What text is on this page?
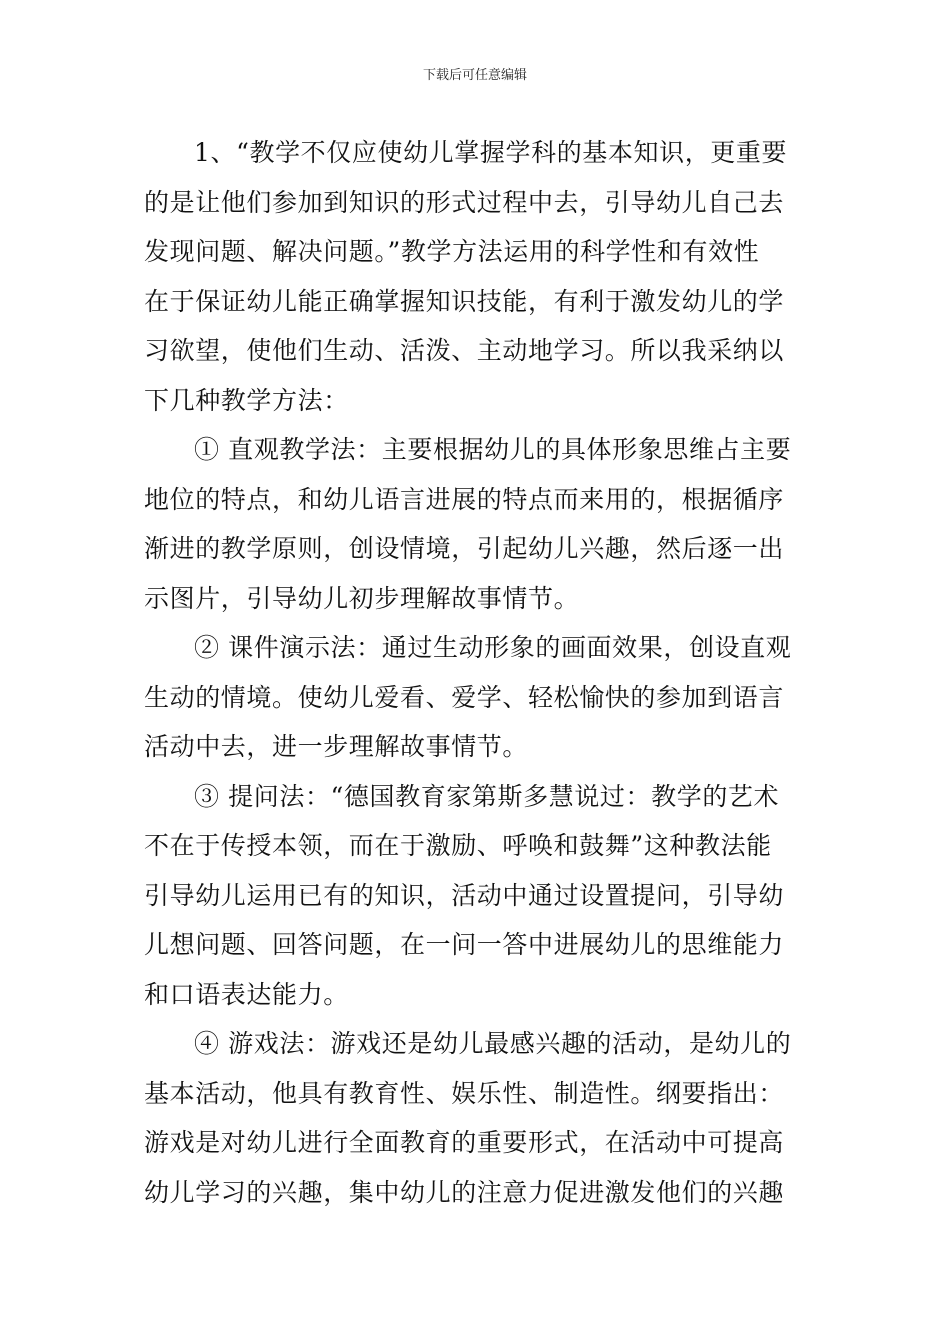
下载后可任意编辑
1、“教学不仅应使幼儿掌握学科的基本知识，更重要
的是让他们参加到知识的形式过程中去，引导幼儿自己去
发现问题、解决问题。”教学方法运用的科学性和有效性
在于保证幼儿能正确掌握知识技能，有利于激发幼儿的学
习欲望，使他们生动、活泼、主动地学习。所以我采纳以
下几种教学方法：
① 直观教学法：主要根据幼儿的具体形象思维占主要
地位的特点，和幼儿语言进展的特点而来用的，根据循序
渐进的教学原则，创设情境，引起幼儿兴趣，然后逐一出
示图片，引导幼儿初步理解故事情节。
② 课件演示法：通过生动形象的画面效果，创设直观
生动的情境。使幼儿爱看、爱学、轻松愉快的参加到语言
活动中去，进一步理解故事情节。
③ 提问法：“德国教育家第斯多慧说过：教学的艺术
不在于传授本领，而在于激励、呼唤和鼓舞”这种教法能
引导幼儿运用已有的知识，活动中通过设置提问，引导幼
儿想问题、回答问题，在一问一答中进展幼儿的思维能力
和口语表达能力。
④ 游戏法：游戏还是幼儿最感兴趣的活动，是幼儿的
基本活动，他具有教育性、娱乐性、制造性。纲要指出：
游戏是对幼儿进行全面教育的重要形式，在活动中可提高
幼儿学习的兴趣，集中幼儿的注意力促进激发他们的兴趣
